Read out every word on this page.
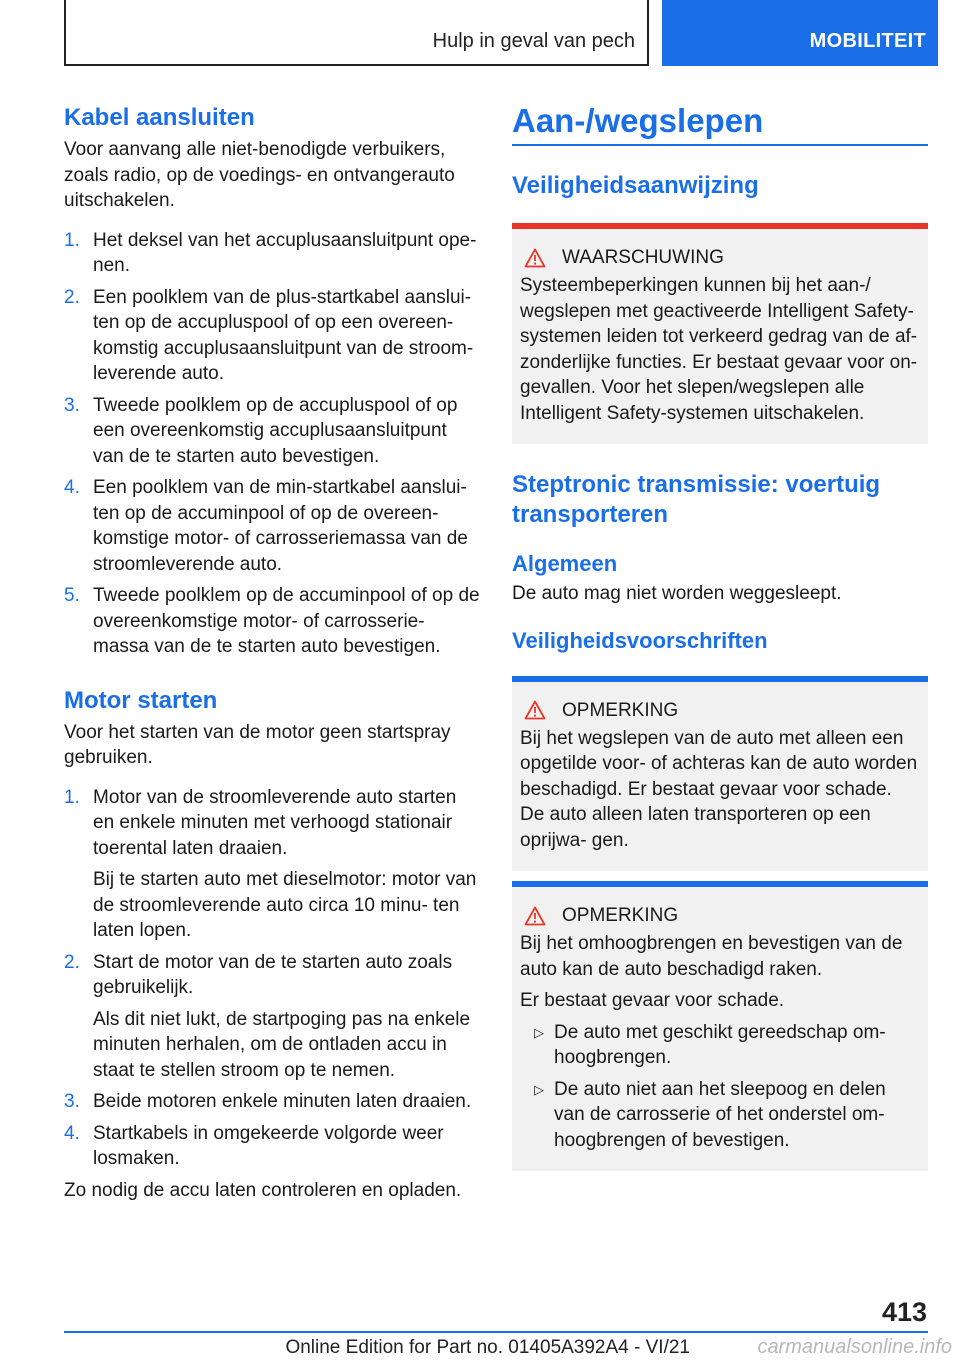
Hulp in geval van pech	MOBILITEIT
Kabel aansluiten

Voor aanvang alle niet-benodigde verbuikers, zoals radio, op de voedings- en ontvangerauto uitschakelen.

1. Het deksel van het accuplusaansluitpunt ope‐ nen.
2. Een poolklem van de plus-startkabel aanslui‐ ten op de accupluspool of op een overeen‐ komstig accuplusaansluitpunt van de stroom‐ leverende auto.
3. Tweede poolklem op de accupluspool of op een overeenkomstig accuplusaansluitpunt van de te starten auto bevestigen.
4. Een poolklem van de min-startkabel aanslui‐ ten op de accuminpool of op de overeen‐ komstige motor- of carrosseriemassa van de stroomleverende auto.
5. Tweede poolklem op de accuminpool of op de overeenkomstige motor- of carrosserie‐ massa van de te starten auto bevestigen.
Motor starten

Voor het starten van de motor geen startspray gebruiken.

1. Motor van de stroomleverende auto starten en enkele minuten met verhoogd stationair toerental laten draaien.

Bij te starten auto met dieselmotor: motor van de stroomleverende auto circa 10 minu‐ ten laten lopen.

2. Start de motor van de te starten auto zoals gebruikelijk.

Als dit niet lukt, de startpoging pas na enkele minuten herhalen, om de ontladen accu in staat te stellen stroom op te nemen.

3. Beide motoren enkele minuten laten draaien.
4. Startkabels in omgekeerde volgorde weer losmaken.

Zo nodig de accu laten controleren en opladen.

Aan-/wegslepen
Veiligheidsaanwijzing
WAARSCHUWING

Systeembeperkingen kunnen bij het aan-/ wegslepen met geactiveerde Intelligent Safety-systemen leiden tot verkeerd gedrag van de af‐ zonderlijke functies. Er bestaat gevaar voor on‐ gevallen. Voor het slepen/wegslepen alle Intelligent Safety-systemen uitschakelen.

Steptronic transmissie: voertuig transporteren
Algemeen

De auto mag niet worden weggesleept.

Veiligheidsvoorschriften
OPMERKING

Bij het wegslepen van de auto met alleen een opgetilde voor- of achteras kan de auto worden beschadigd. Er bestaat gevaar voor schade. De auto alleen laten transporteren op een oprijwa‐ gen.

OPMERKING

Bij het omhoogbrengen en bevestigen van de auto kan de auto beschadigd raken.

Er bestaat gevaar voor schade.

▷ De auto met geschikt gereedschap om‐ hoogbrengen.
▷ De auto niet aan het sleepoog en delen van de carrosserie of het onderstel om‐ hoogbrengen of bevestigen.
413
Online Edition for Part no. 01405A392A4 - VI/21	carmanualsonline.info
